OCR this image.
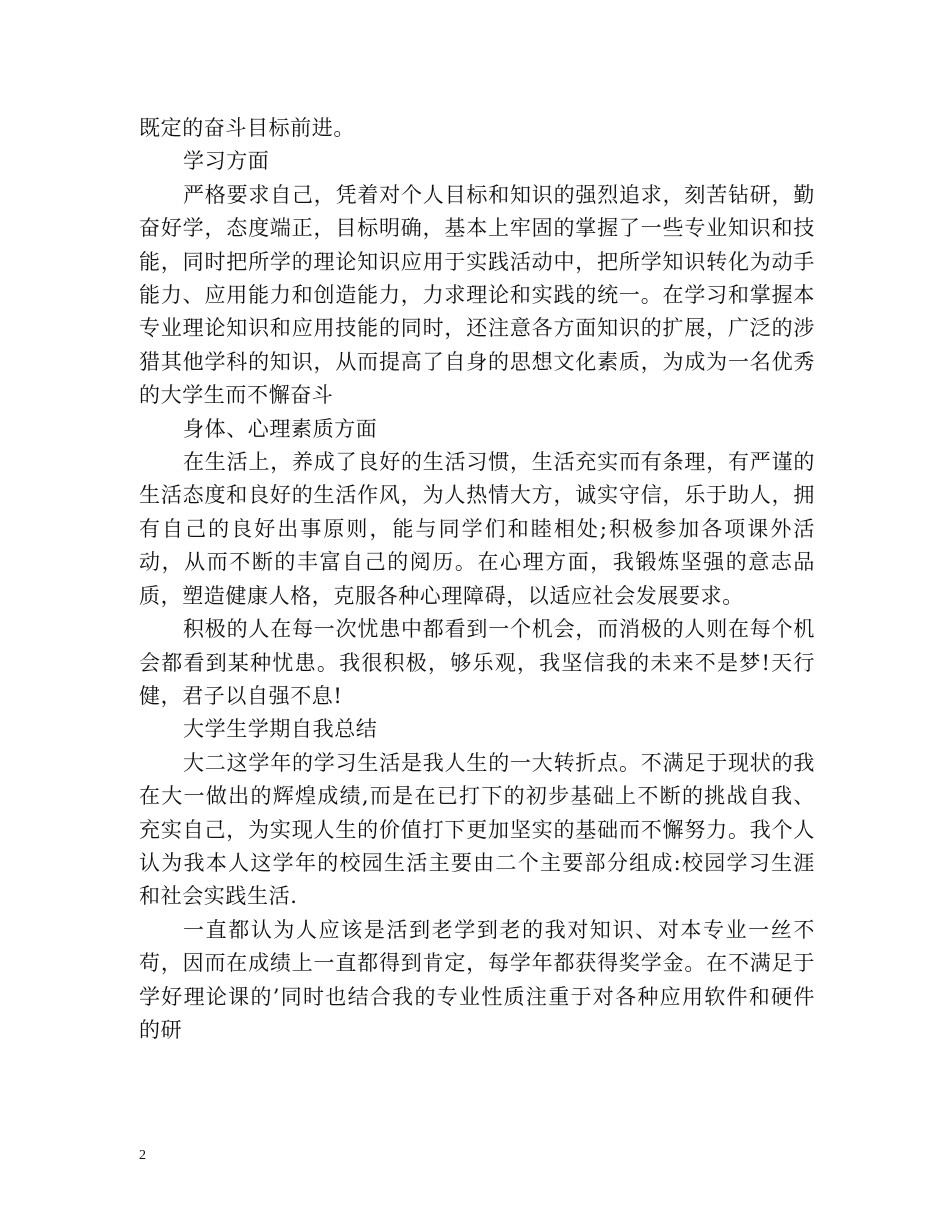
既定的奋斗目标前进。

学习方面

严格要求自己，凭着对个人目标和知识的强烈追求，刻苦钻研，勤奋好学，态度端正，目标明确，基本上牢固的掌握了一些专业知识和技能，同时把所学的理论知识应用于实践活动中，把所学知识转化为动手能力、应用能力和创造能力，力求理论和实践的统一。在学习和掌握本专业理论知识和应用技能的同时，还注意各方面知识的扩展，广泛的涉猎其他学科的知识，从而提高了自身的思想文化素质，为成为一名优秀的大学生而不懈奋斗

身体、心理素质方面

在生活上，养成了良好的生活习惯，生活充实而有条理，有严谨的生活态度和良好的生活作风，为人热情大方，诚实守信，乐于助人，拥有自己的良好出事原则，能与同学们和睦相处;积极参加各项课外活动，从而不断的丰富自己的阅历。在心理方面，我锻炼坚强的意志品质，塑造健康人格，克服各种心理障碍，以适应社会发展要求。

积极的人在每一次忧患中都看到一个机会，而消极的人则在每个机会都看到某种忧患。我很积极，够乐观，我坚信我的未来不是梦!天行健，君子以自强不息!

大学生学期自我总结

大二这学年的学习生活是我人生的一大转折点。不满足于现状的我在大一做出的辉煌成绩,而是在已打下的初步基础上不断的挑战自我、充实自己，为实现人生的价值打下更加坚实的基础而不懈努力。我个人认为我本人这学年的校园生活主要由二个主要部分组成:校园学习生涯和社会实践生活.

一直都认为人应该是活到老学到老的我对知识、对本专业一丝不苟，因而在成绩上一直都得到肯定，每学年都获得奖学金。在不满足于学好理论课的’同时也结合我的专业性质注重于对各种应用软件和硬件的研

2
